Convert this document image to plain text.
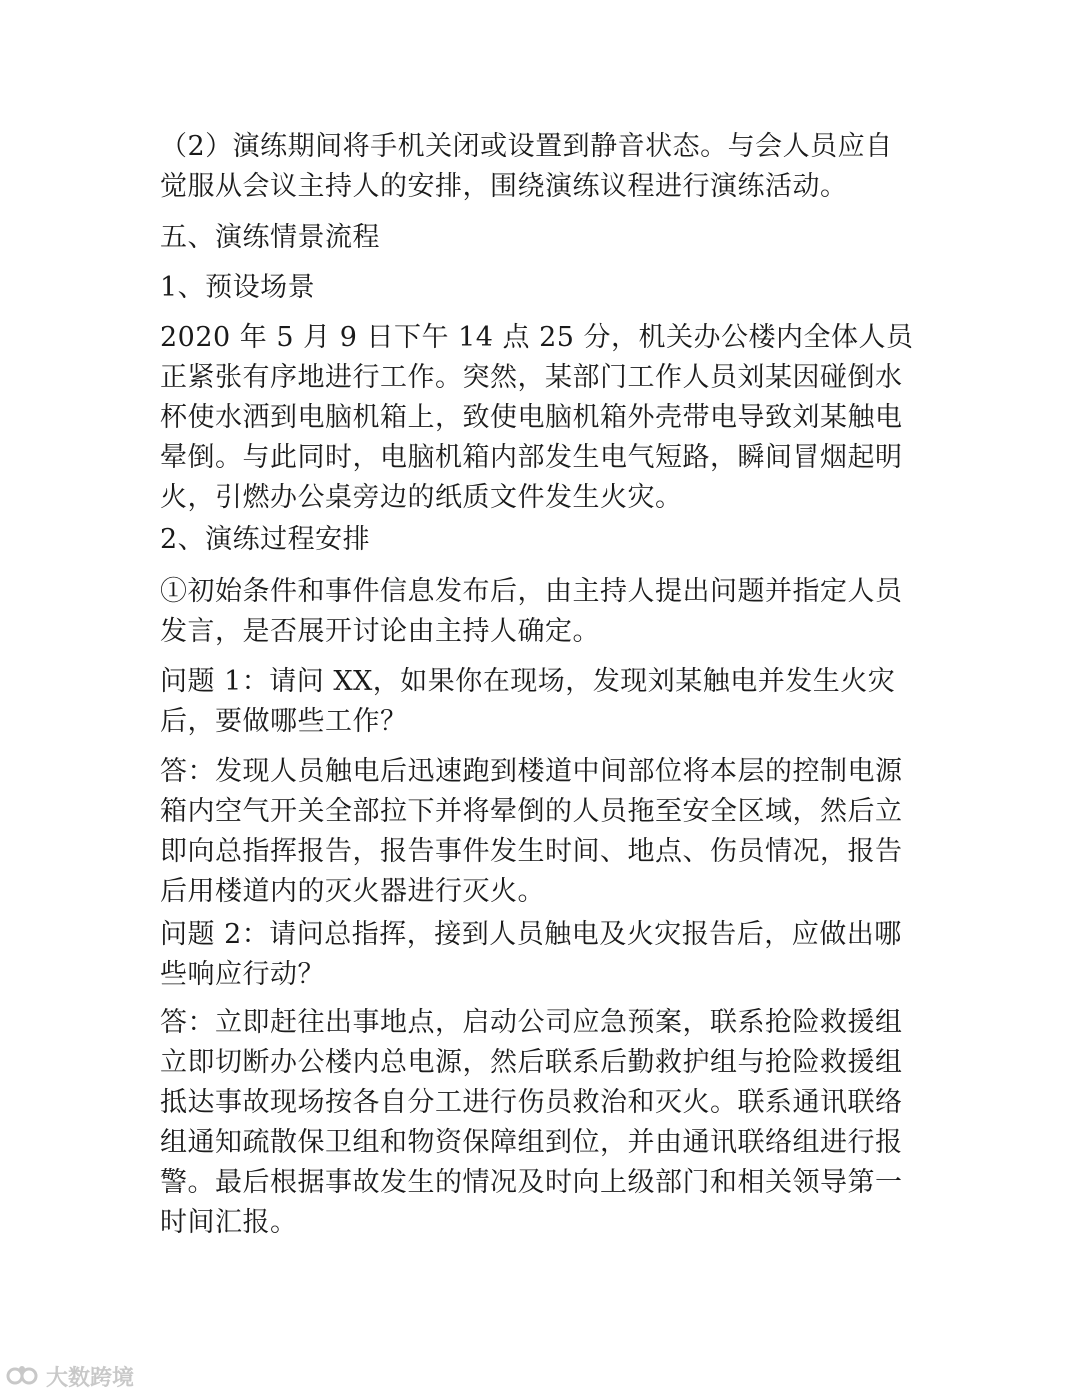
（2）演练期间将手机关闭或设置到静音状态。与会人员应自觉服从会议主持人的安排，围绕演练议程进行演练活动。

五、演练情景流程

1、预设场景

2020 年 5 月 9 日下午 14 点 25 分，机关办公楼内全体人员正紧张有序地进行工作。突然，某部门工作人员刘某因碰倒水杯使水洒到电脑机箱上，致使电脑机箱外壳带电导致刘某触电晕倒。与此同时，电脑机箱内部发生电气短路，瞬间冒烟起明火，引燃办公桌旁边的纸质文件发生火灾。

2、演练过程安排

①初始条件和事件信息发布后，由主持人提出问题并指定人员发言，是否展开讨论由主持人确定。

问题 1：请问 XX，如果你在现场，发现刘某触电并发生火灾后，要做哪些工作？

答：发现人员触电后迅速跑到楼道中间部位将本层的控制电源箱内空气开关全部拉下并将晕倒的人员拖至安全区域，然后立即向总指挥报告，报告事件发生时间、地点、伤员情况，报告后用楼道内的灭火器进行灭火。

问题 2：请问总指挥，接到人员触电及火灾报告后，应做出哪些响应行动？

答：立即赶往出事地点，启动公司应急预案，联系抢险救援组立即切断办公楼内总电源，然后联系后勤救护组与抢险救援组抵达事故现场按各自分工进行伤员救治和灭火。联系通讯联络组通知疏散保卫组和物资保障组到位，并由通讯联络组进行报警。最后根据事故发生的情况及时向上级部门和相关领导第一时间汇报。

大数跨境
